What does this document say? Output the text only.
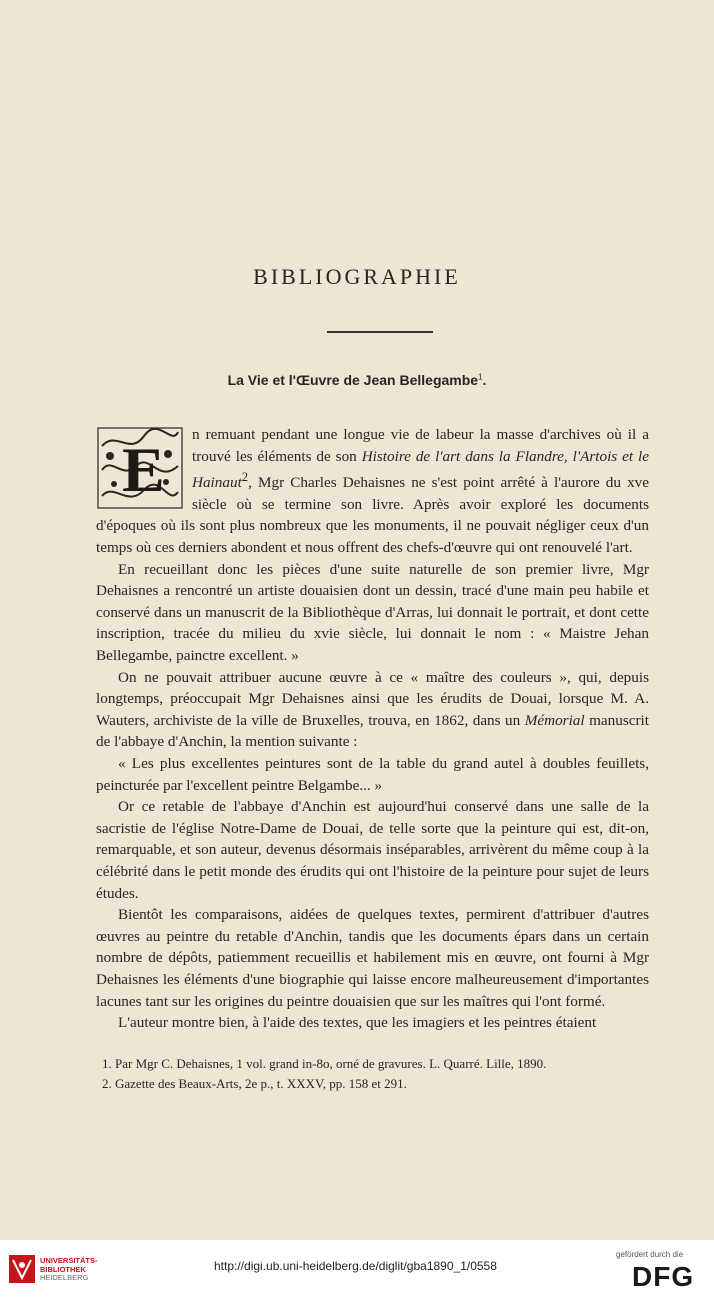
BIBLIOGRAPHIE
La Vie et l'Œuvre de Jean Bellegambe$^1$.

E n remuant pendant une longue vie de labeur la masse d'archives où il a trouvé les éléments de son Histoire de l'art dans la Flandre, l'Artois et le Hainaut$^2$, Mgr Charles Dehaisnes ne s'est point arrêté à l'aurore du xve siècle où se termine son livre. Après avoir exploré les documents d'époques où ils sont plus nombreux que les monuments, il ne pouvait négliger ceux d'un temps où ces derniers abondent et nous offrent des chefs-d'œuvre qui ont renouvelé l'art.

En recueillant donc les pièces d'une suite naturelle de son premier livre, Mgr Dehaisnes a rencontré un artiste douaisien dont un dessin, tracé d'une main peu habile et conservé dans un manuscrit de la Bibliothèque d'Arras, lui donnait le portrait, et dont cette inscription, tracée du milieu du xvie siècle, lui donnait le nom : « Maistre Jehan Bellegambe, painctre excellent. »

On ne pouvait attribuer aucune œuvre à ce « maître des couleurs », qui, depuis longtemps, préoccupait Mgr Dehaisnes ainsi que les érudits de Douai, lorsque M. A. Wauters, archiviste de la ville de Bruxelles, trouva, en 1862, dans un Mémorial manuscrit de l'abbaye d'Anchin, la mention suivante :

« Les plus excellentes peintures sont de la table du grand autel à doubles feuillets, peincturée par l'excellent peintre Belgambe... »

Or ce retable de l'abbaye d'Anchin est aujourd'hui conservé dans une salle de la sacristie de l'église Notre-Dame de Douai, de telle sorte que la peinture qui est, dit-on, remarquable, et son auteur, devenus désormais inséparables, arrivèrent du même coup à la célébrité dans le petit monde des érudits qui ont l'histoire de la peinture pour sujet de leurs études.

Bientôt les comparaisons, aidées de quelques textes, permirent d'attribuer d'autres œuvres au peintre du retable d'Anchin, tandis que les documents épars dans un certain nombre de dépôts, patiemment recueillis et habilement mis en œuvre, ont fourni à Mgr Dehaisnes les éléments d'une biographie qui laisse encore malheureusement d'importantes lacunes tant sur les origines du peintre douaisien que sur les maîtres qui l'ont formé.

L'auteur montre bien, à l'aide des textes, que les imagiers et les peintres étaient

1. Par Mgr C. Dehaisnes, 1 vol. grand in-8o, orné de gravures. L. Quarré. Lille, 1890.
2. Gazette des Beaux-Arts, 2e p., t. XXXV, pp. 158 et 291.
UNIVERSITÄTS-
BIBLIOTHEK
HEIDELBERG
http://digi.ub.uni-heidelberg.de/diglit/gba1890_1/0558
gefördert durch die
DFG
